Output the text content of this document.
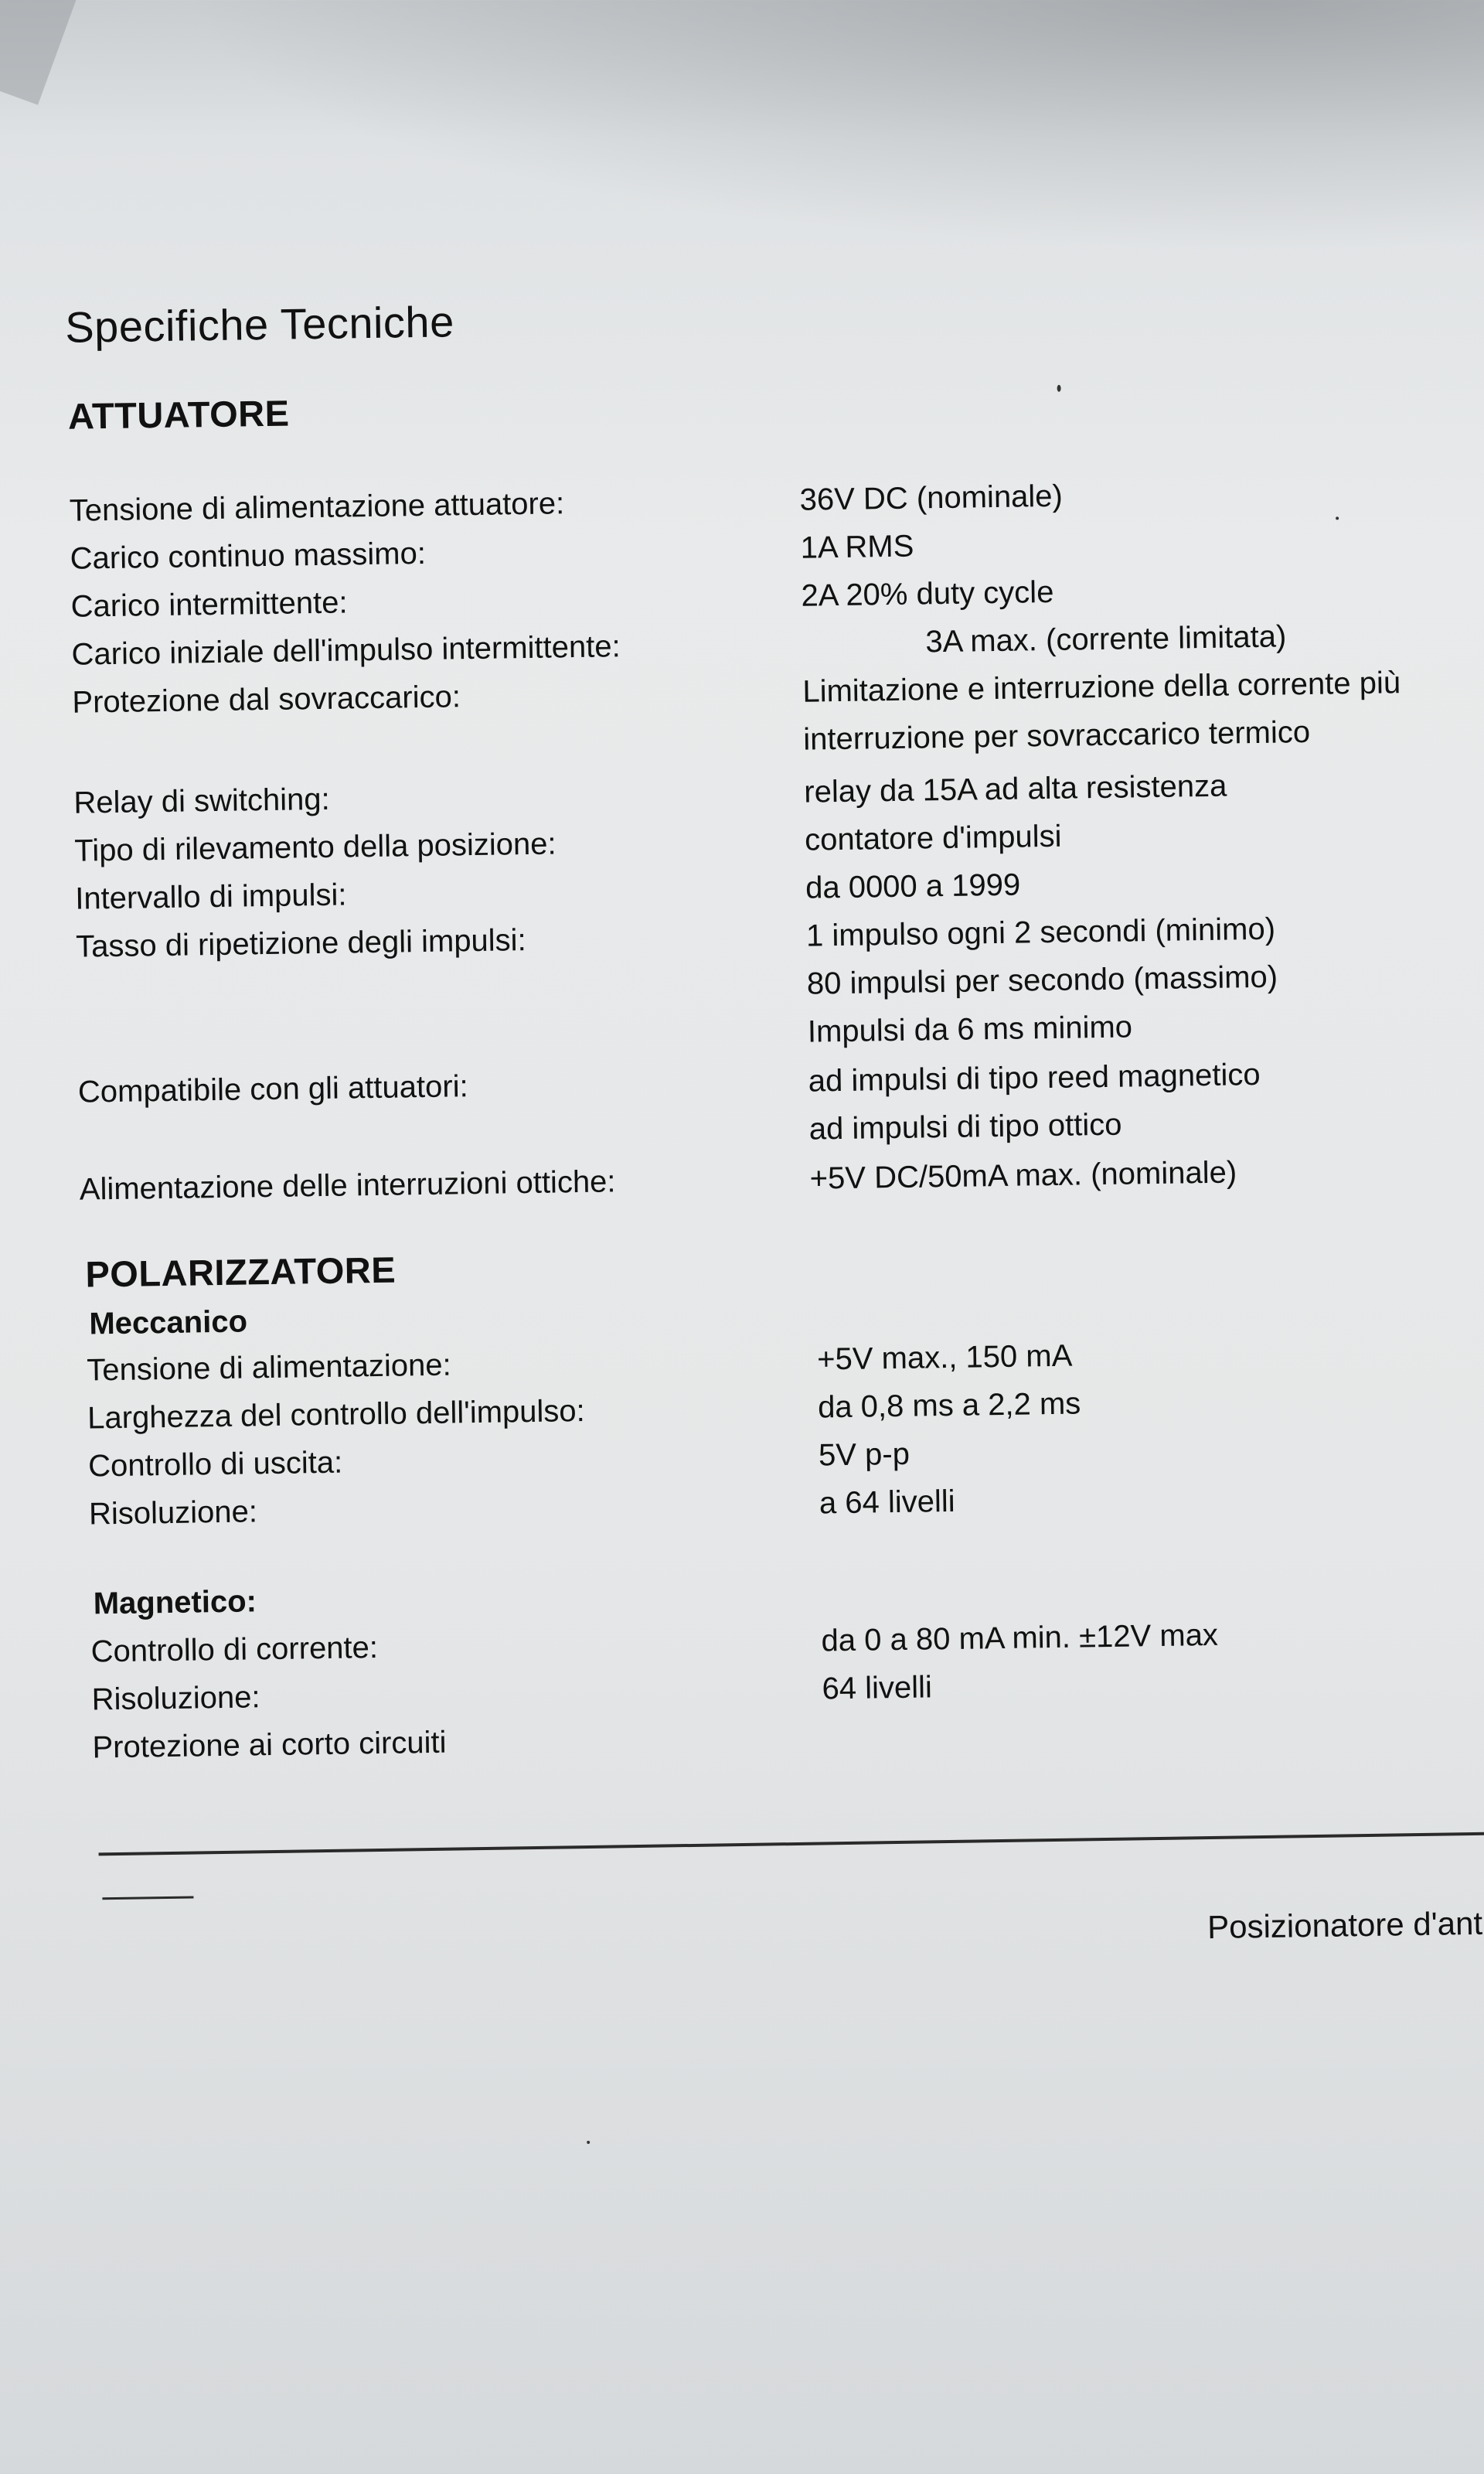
Specifiche Tecniche
ATTUATORE
Tensione di alimentazione attuatore:	36V DC (nominale)
Carico continuo massimo:	1A RMS
Carico intermittente:	2A 20% duty cycle
Carico iniziale dell'impulso intermittente:	3A max. (corrente limitata)
Protezione dal sovraccarico:	Limitazione e interruzione della corrente più
interruzione per sovraccarico termico
Relay di switching:	relay da 15A ad alta resistenza
Tipo di rilevamento della posizione:	contatore d'impulsi
Intervallo di impulsi:	da 0000 a 1999
Tasso di ripetizione degli impulsi:	1 impulso ogni 2 secondi (minimo)
80 impulsi per secondo (massimo)
Impulsi da 6 ms minimo
Compatibile con gli attuatori:	ad impulsi di tipo reed magnetico
ad impulsi di tipo ottico
Alimentazione delle interruzioni ottiche:	+5V DC/50mA max. (nominale)
POLARIZZATORE
Meccanico
Tensione di alimentazione:	+5V max., 150 mA
Larghezza del controllo dell'impulso:	da 0,8 ms a 2,2 ms
Controllo di uscita:	5V p-p
Risoluzione:	a 64 livelli
Magnetico:
Controllo di corrente:	da 0 a 80 mA min. ±12V max
Risoluzione:	64 livelli
Protezione ai corto circuiti
Posizionatore d'ant
